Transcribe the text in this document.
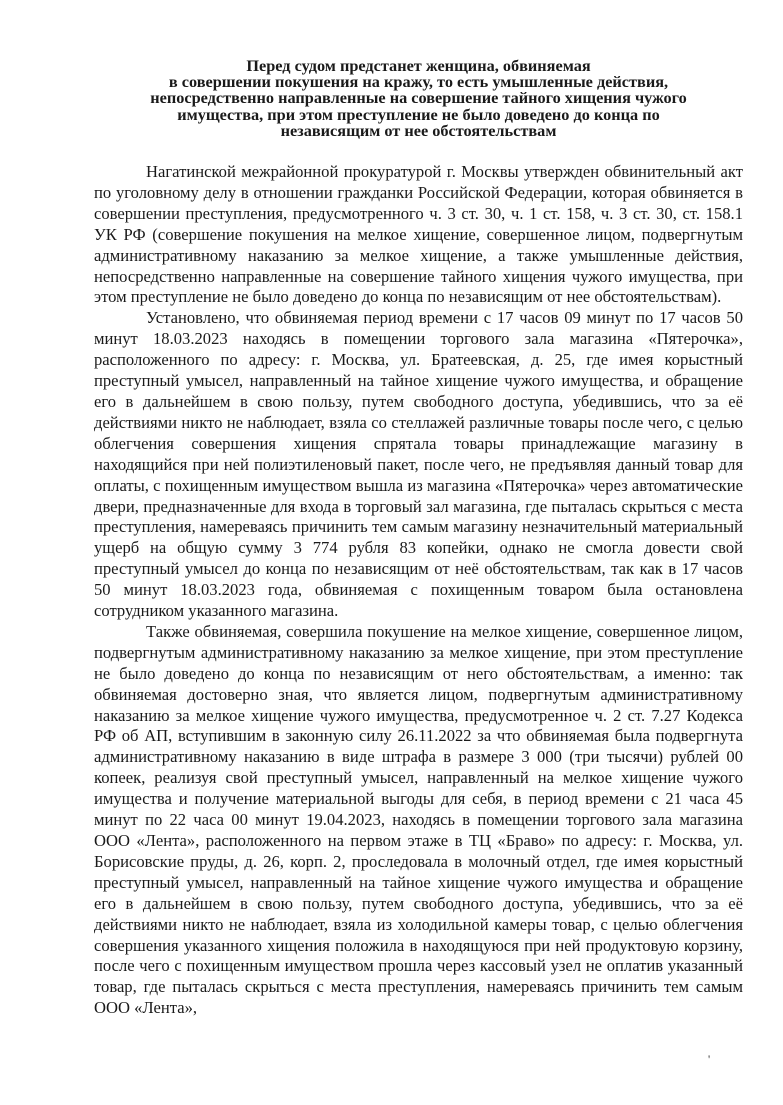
Перед судом предстанет женщина, обвиняемая
в совершении покушения на кражу, то есть умышленные действия,
непосредственно направленные на совершение тайного хищения чужого
имущества, при этом преступление не было доведено до конца по
независящим от нее обстоятельствам

Нагатинской межрайонной прокуратурой г. Москвы утвержден обвинительный акт по уголовному делу в отношении гражданки Российской Федерации, которая обвиняется в совершении преступления, предусмотренного ч. 3 ст. 30, ч. 1 ст. 158, ч. 3 ст. 30, ст. 158.1 УК РФ (совершение покушения на мелкое хищение, совершенное лицом, подвергнутым административному наказанию за мелкое хищение, а также умышленные действия, непосредственно направленные на совершение тайного хищения чужого имущества, при этом преступление не было доведено до конца по независящим от нее обстоятельствам).

Установлено, что обвиняемая период времени с 17 часов 09 минут по 17 часов 50 минут 18.03.2023 находясь в помещении торгового зала магазина «Пятерочка», расположенного по адресу: г. Москва, ул. Братеевская, д. 25, где имея корыстный преступный умысел, направленный на тайное хищение чужого имущества, и обращение его в дальнейшем в свою пользу, путем свободного доступа, убедившись, что за её действиями никто не наблюдает, взяла со стеллажей различные товары после чего, с целью облегчения совершения хищения спрятала товары принадлежащие магазину в находящийся при ней полиэтиленовый пакет, после чего, не предъявляя данный товар для оплаты, с похищенным имуществом вышла из магазина «Пятерочка» через автоматические двери, предназначенные для входа в торговый зал магазина, где пыталась скрыться с места преступления, намереваясь причинить тем самым магазину незначительный материальный ущерб на общую сумму 3 774 рубля 83 копейки, однако не смогла довести свой преступный умысел до конца по независящим от неё обстоятельствам, так как в 17 часов 50 минут 18.03.2023 года, обвиняемая с похищенным товаром была остановлена сотрудником указанного магазина.

Также обвиняемая, совершила покушение на мелкое хищение, совершенное лицом, подвергнутым административному наказанию за мелкое хищение, при этом преступление не было доведено до конца по независящим от него обстоятельствам, а именно: так обвиняемая достоверно зная, что является лицом, подвергнутым административному наказанию за мелкое хищение чужого имущества, предусмотренное ч. 2 ст. 7.27 Кодекса РФ об АП, вступившим в законную силу 26.11.2022 за что обвиняемая была подвергнута административному наказанию в виде штрафа в размере 3 000 (три тысячи) рублей 00 копеек, реализуя свой преступный умысел, направленный на мелкое хищение чужого имущества и получение материальной выгоды для себя, в период времени с 21 часа 45 минут по 22 часа 00 минут 19.04.2023, находясь в помещении торгового зала магазина ООО «Лента», расположенного на первом этаже в ТЦ «Браво» по адресу: г. Москва, ул. Борисовские пруды, д. 26, корп. 2, проследовала в молочный отдел, где имея корыстный преступный умысел, направленный на тайное хищение чужого имущества и обращение его в дальнейшем в свою пользу, путем свободного доступа, убедившись, что за её действиями никто не наблюдает, взяла из холодильной камеры товар, с целью облегчения совершения указанного хищения положила в находящуюся при ней продуктовую корзину, после чего с похищенным имуществом прошла через кассовый узел не оплатив указанный товар, где пыталась скрыться с места преступления, намереваясь причинить тем самым ООО «Лента»,

'
